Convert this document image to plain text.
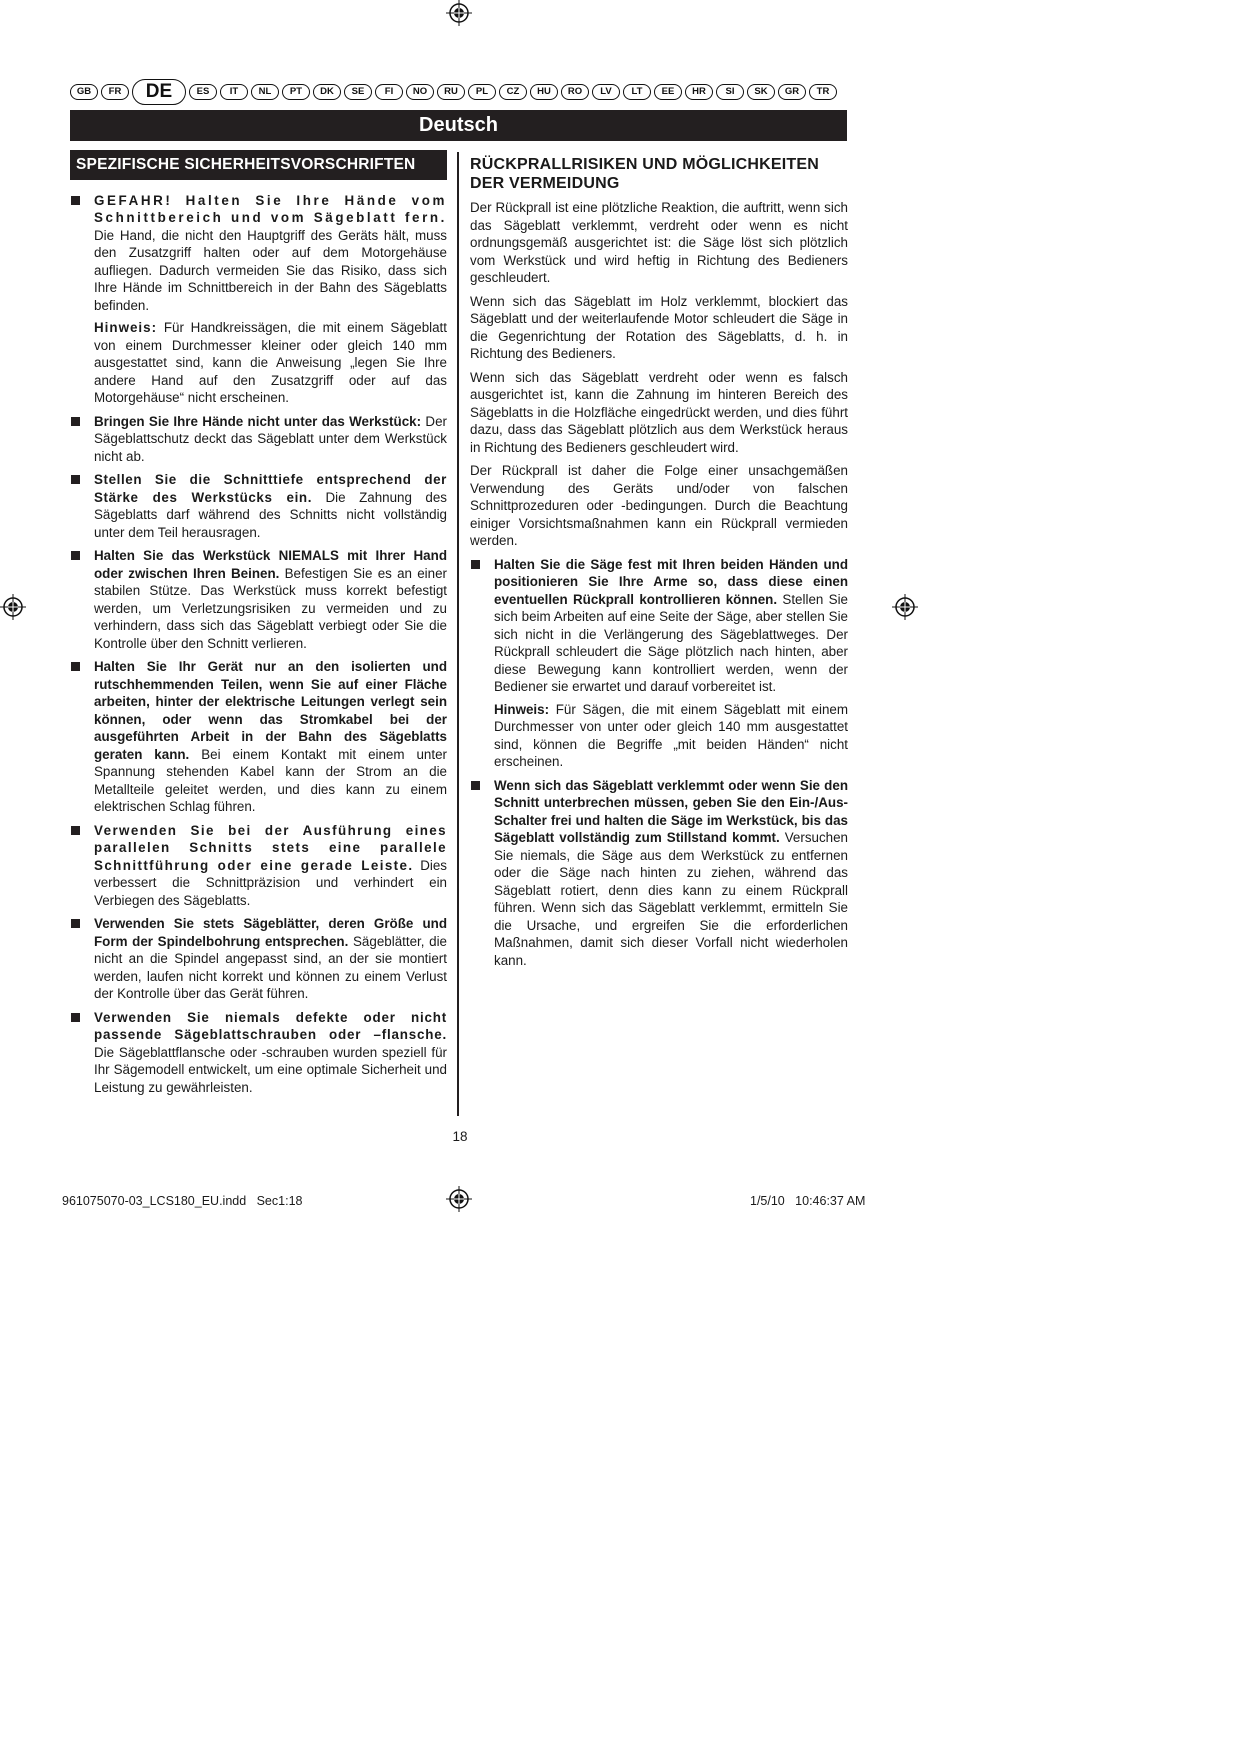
GB	FR	DE	ES	IT	NL	PT	DK	SE	FI	NO	RU	PL	CZ	HU	RO	LV	LT	EE	HR	SI	SK	GR	TR
Deutsch
SPEZIFISCHE SICHERHEITSVORSCHRIFTEN

GEFAHR! Halten Sie Ihre Hände vom Schnittbereich und vom Sägeblatt fern. Die Hand, die nicht den Hauptgriff des Geräts hält, muss den Zusatzgriff halten oder auf dem Motorgehäuse aufliegen. Dadurch vermeiden Sie das Risiko, dass sich Ihre Hände im Schnittbereich in der Bahn des Sägeblatts befinden.

Hinweis: Für Handkreissägen, die mit einem Sägeblatt von einem Durchmesser kleiner oder gleich 140 mm ausgestattet sind, kann die Anweisung „legen Sie Ihre andere Hand auf den Zusatzgriff oder auf das Motorgehäuse“ nicht erscheinen.

Bringen Sie Ihre Hände nicht unter das Werkstück: Der Sägeblattschutz deckt das Sägeblatt unter dem Werkstück nicht ab.

Stellen Sie die Schnitttiefe entsprechend der Stärke des Werkstücks ein. Die Zahnung des Sägeblatts darf während des Schnitts nicht vollständig unter dem Teil herausragen.

Halten Sie das Werkstück NIEMALS mit Ihrer Hand oder zwischen Ihren Beinen. Befestigen Sie es an einer stabilen Stütze. Das Werkstück muss korrekt befestigt werden, um Verletzungsrisiken zu vermeiden und zu verhindern, dass sich das Sägeblatt verbiegt oder Sie die Kontrolle über den Schnitt verlieren.

Halten Sie Ihr Gerät nur an den isolierten und rutschhemmenden Teilen, wenn Sie auf einer Fläche arbeiten, hinter der elektrische Leitungen verlegt sein können, oder wenn das Stromkabel bei der ausgeführten Arbeit in der Bahn des Sägeblatts geraten kann. Bei einem Kontakt mit einem unter Spannung stehenden Kabel kann der Strom an die Metallteile geleitet werden, und dies kann zu einem elektrischen Schlag führen.

Verwenden Sie bei der Ausführung eines parallelen Schnitts stets eine parallele Schnittführung oder eine gerade Leiste. Dies verbessert die Schnittpräzision und verhindert ein Verbiegen des Sägeblatts.

Verwenden Sie stets Sägeblätter, deren Größe und Form der Spindelbohrung entsprechen. Sägeblätter, die nicht an die Spindel angepasst sind, an der sie montiert werden, laufen nicht korrekt und können zu einem Verlust der Kontrolle über das Gerät führen.

Verwenden Sie niemals defekte oder nicht passende Sägeblattschrauben oder –flansche. Die Sägeblattflansche oder -schrauben wurden speziell für Ihr Sägemodell entwickelt, um eine optimale Sicherheit und Leistung zu gewährleisten.

RÜCKPRALLRISIKEN UND MÖGLICHKEITEN DER VERMEIDUNG

Der Rückprall ist eine plötzliche Reaktion, die auftritt, wenn sich das Sägeblatt verklemmt, verdreht oder wenn es nicht ordnungsgemäß ausgerichtet ist: die Säge löst sich plötzlich vom Werkstück und wird heftig in Richtung des Bedieners geschleudert.

Wenn sich das Sägeblatt im Holz verklemmt, blockiert das Sägeblatt und der weiterlaufende Motor schleudert die Säge in die Gegenrichtung der Rotation des Sägeblatts, d. h. in Richtung des Bedieners.

Wenn sich das Sägeblatt verdreht oder wenn es falsch ausgerichtet ist, kann die Zahnung im hinteren Bereich des Sägeblatts in die Holzfläche eingedrückt werden, und dies führt dazu, dass das Sägeblatt plötzlich aus dem Werkstück heraus in Richtung des Bedieners geschleudert wird.

Der Rückprall ist daher die Folge einer unsachgemäßen Verwendung des Geräts und/oder von falschen Schnittprozeduren oder -bedingungen. Durch die Beachtung einiger Vorsichtsmaßnahmen kann ein Rückprall vermieden werden.

Halten Sie die Säge fest mit Ihren beiden Händen und positionieren Sie Ihre Arme so, dass diese einen eventuellen Rückprall kontrollieren können. Stellen Sie sich beim Arbeiten auf eine Seite der Säge, aber stellen Sie sich nicht in die Verlängerung des Sägeblattweges. Der Rückprall schleudert die Säge plötzlich nach hinten, aber diese Bewegung kann kontrolliert werden, wenn der Bediener sie erwartet und darauf vorbereitet ist.

Hinweis: Für Sägen, die mit einem Sägeblatt mit einem Durchmesser von unter oder gleich 140 mm ausgestattet sind, können die Begriffe „mit beiden Händen“ nicht erscheinen.

Wenn sich das Sägeblatt verklemmt oder wenn Sie den Schnitt unterbrechen müssen, geben Sie den Ein-/Aus-Schalter frei und halten die Säge im Werkstück, bis das Sägeblatt vollständig zum Stillstand kommt. Versuchen Sie niemals, die Säge aus dem Werkstück zu entfernen oder die Säge nach hinten zu ziehen, während das Sägeblatt rotiert, denn dies kann zu einem Rückprall führen. Wenn sich das Sägeblatt verklemmt, ermitteln Sie die Ursache, und ergreifen Sie die erforderlichen Maßnahmen, damit sich dieser Vorfall nicht wiederholen kann.

18
961075070-03_LCS180_EU.indd   Sec1:18	1/5/10   10:46:37 AM
